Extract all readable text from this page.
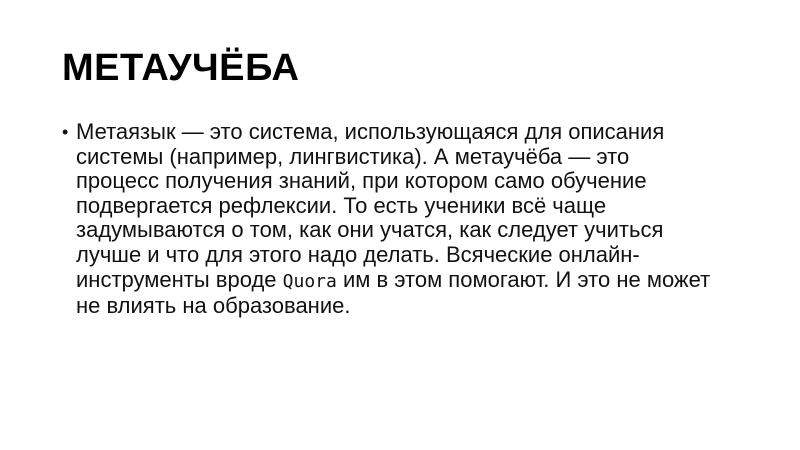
МЕТАУЧЁБА
• Метаязык — это система, использующаяся для описания системы (например, лингвистика). А метаучёба — это процесс получения знаний, при котором само обучение подвергается рефлексии. То есть ученики всё чаще задумываются о том, как они учатся, как следует учиться лучше и что для этого надо делать. Всяческие онлайн-инструменты вроде Quora им в этом помогают. И это не может не влиять на образование.
